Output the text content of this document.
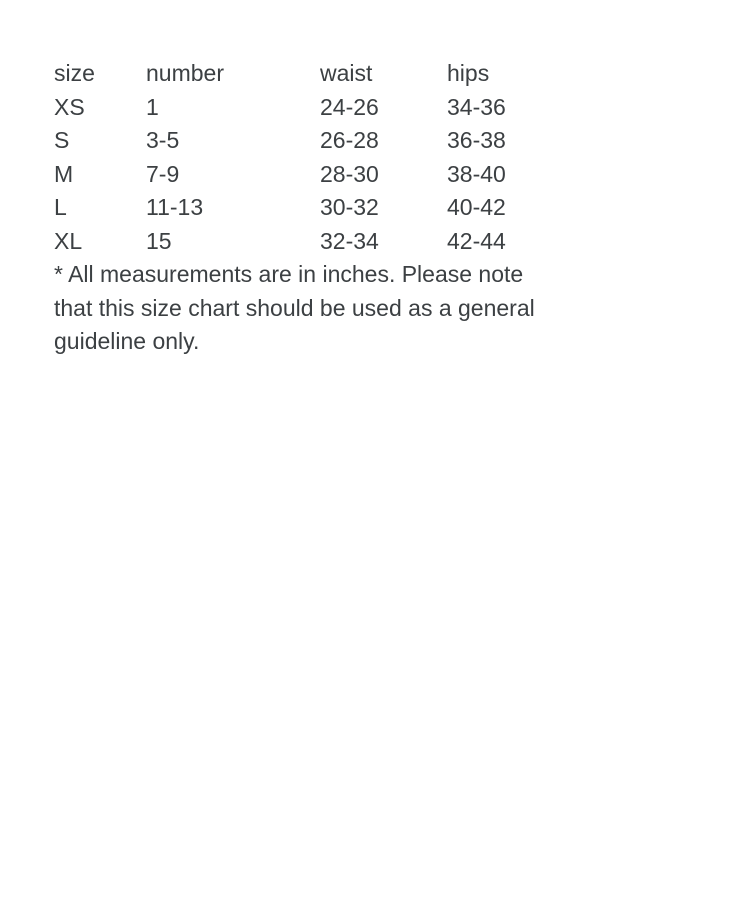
size	number	waist	hips
XS	1	24-26	34-36
S	3-5	26-28	36-38
M	7-9	28-30	38-40
L	11-13	30-32	40-42
XL	15	32-34	42-44
* All measurements are in inches. Please note
that this size chart should be used as a general
guideline only.
